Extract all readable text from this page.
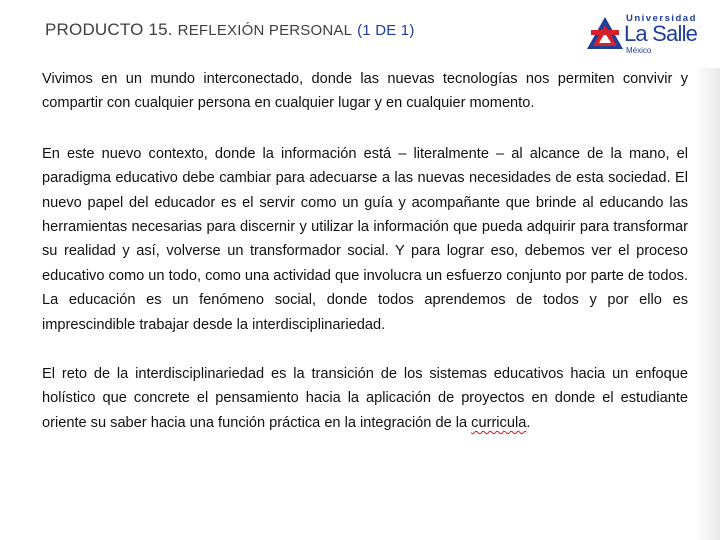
PRODUCTO 15. REFLEXIÓN PERSONAL (1 DE 1)
Universidad
La Salle
México

Vivimos en un mundo interconectado, donde las nuevas tecnologías nos permiten convivir y compartir con cualquier persona en cualquier lugar y en cualquier momento.

En este nuevo contexto, donde la información está – literalmente – al alcance de la mano, el paradigma educativo debe cambiar para adecuarse a las nuevas necesidades de esta sociedad. El nuevo papel del educador es el servir como un guía y acompañante que brinde al educando las herramientas necesarias para discernir y utilizar la información que pueda adquirir para transformar su realidad y así, volverse un transformador social. Y para lograr eso, debemos ver el proceso educativo como un todo, como una actividad que involucra un esfuerzo conjunto por parte de todos. La educación es un fenómeno social, donde todos aprendemos de todos y por ello es imprescindible trabajar desde la interdisciplinariedad.

El reto de la interdisciplinariedad es la transición de los sistemas educativos hacia un enfoque holístico que concrete el pensamiento hacia la aplicación de proyectos en donde el estudiante oriente su saber hacia una función práctica en la integración de la curricula.
